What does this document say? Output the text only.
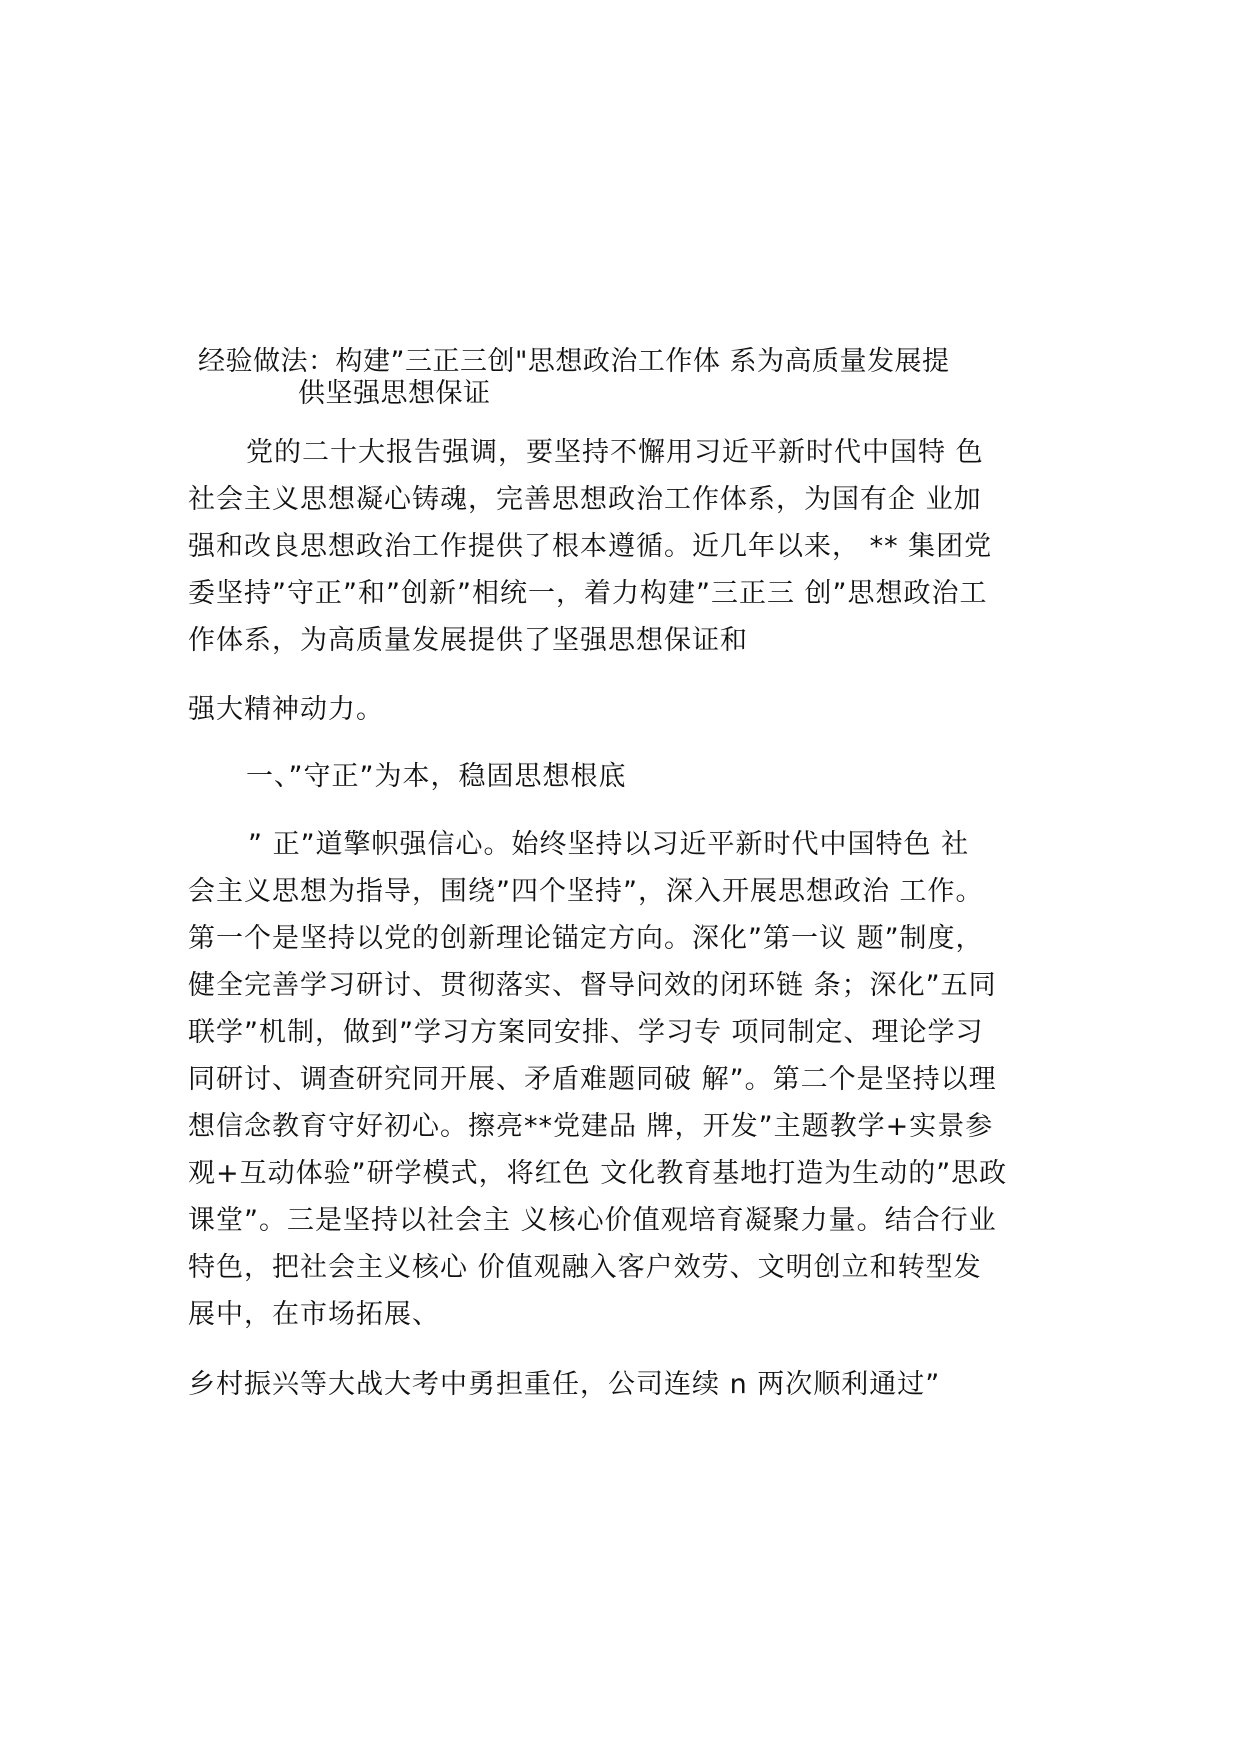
经验做法：构建”三正三创"思想政治工作体 系为高质量发展提
供坚强思想保证
党的二十大报告强调，要坚持不懈用习近平新时代中国特 色
社会主义思想凝心铸魂，完善思想政治工作体系，为国有企 业加
强和改良思想政治工作提供了根本遵循。近几年以来， ** 集团党
委坚持”守正”和”创新”相统一，着力构建”三正三 创”思想政治工
作体系，为高质量发展提供了坚强思想保证和
强大精神动力。
一、”守正”为本，稳固思想根底
” 正”道擎帜强信心。始终坚持以习近平新时代中国特色 社
会主义思想为指导，围绕”四个坚持”，深入开展思想政治 工作。
第一个是坚持以党的创新理论锚定方向。深化”第一议 题”制度，
健全完善学习研讨、贯彻落实、督导问效的闭环链 条；深化”五同
联学”机制，做到”学习方案同安排、学习专 项同制定、理论学习
同研讨、调查研究同开展、矛盾难题同破 解”。第二个是坚持以理
想信念教育守好初心。擦亮**党建品 牌，开发”主题教学+实景参
观+互动体验”研学模式，将红色 文化教育基地打造为生动的”思政
课堂”。三是坚持以社会主 义核心价值观培育凝聚力量。结合行业
特色，把社会主义核心 价值观融入客户效劳、文明创立和转型发
展中，在市场拓展、
乡村振兴等大战大考中勇担重任，公司连续 n 两次顺利通过”
